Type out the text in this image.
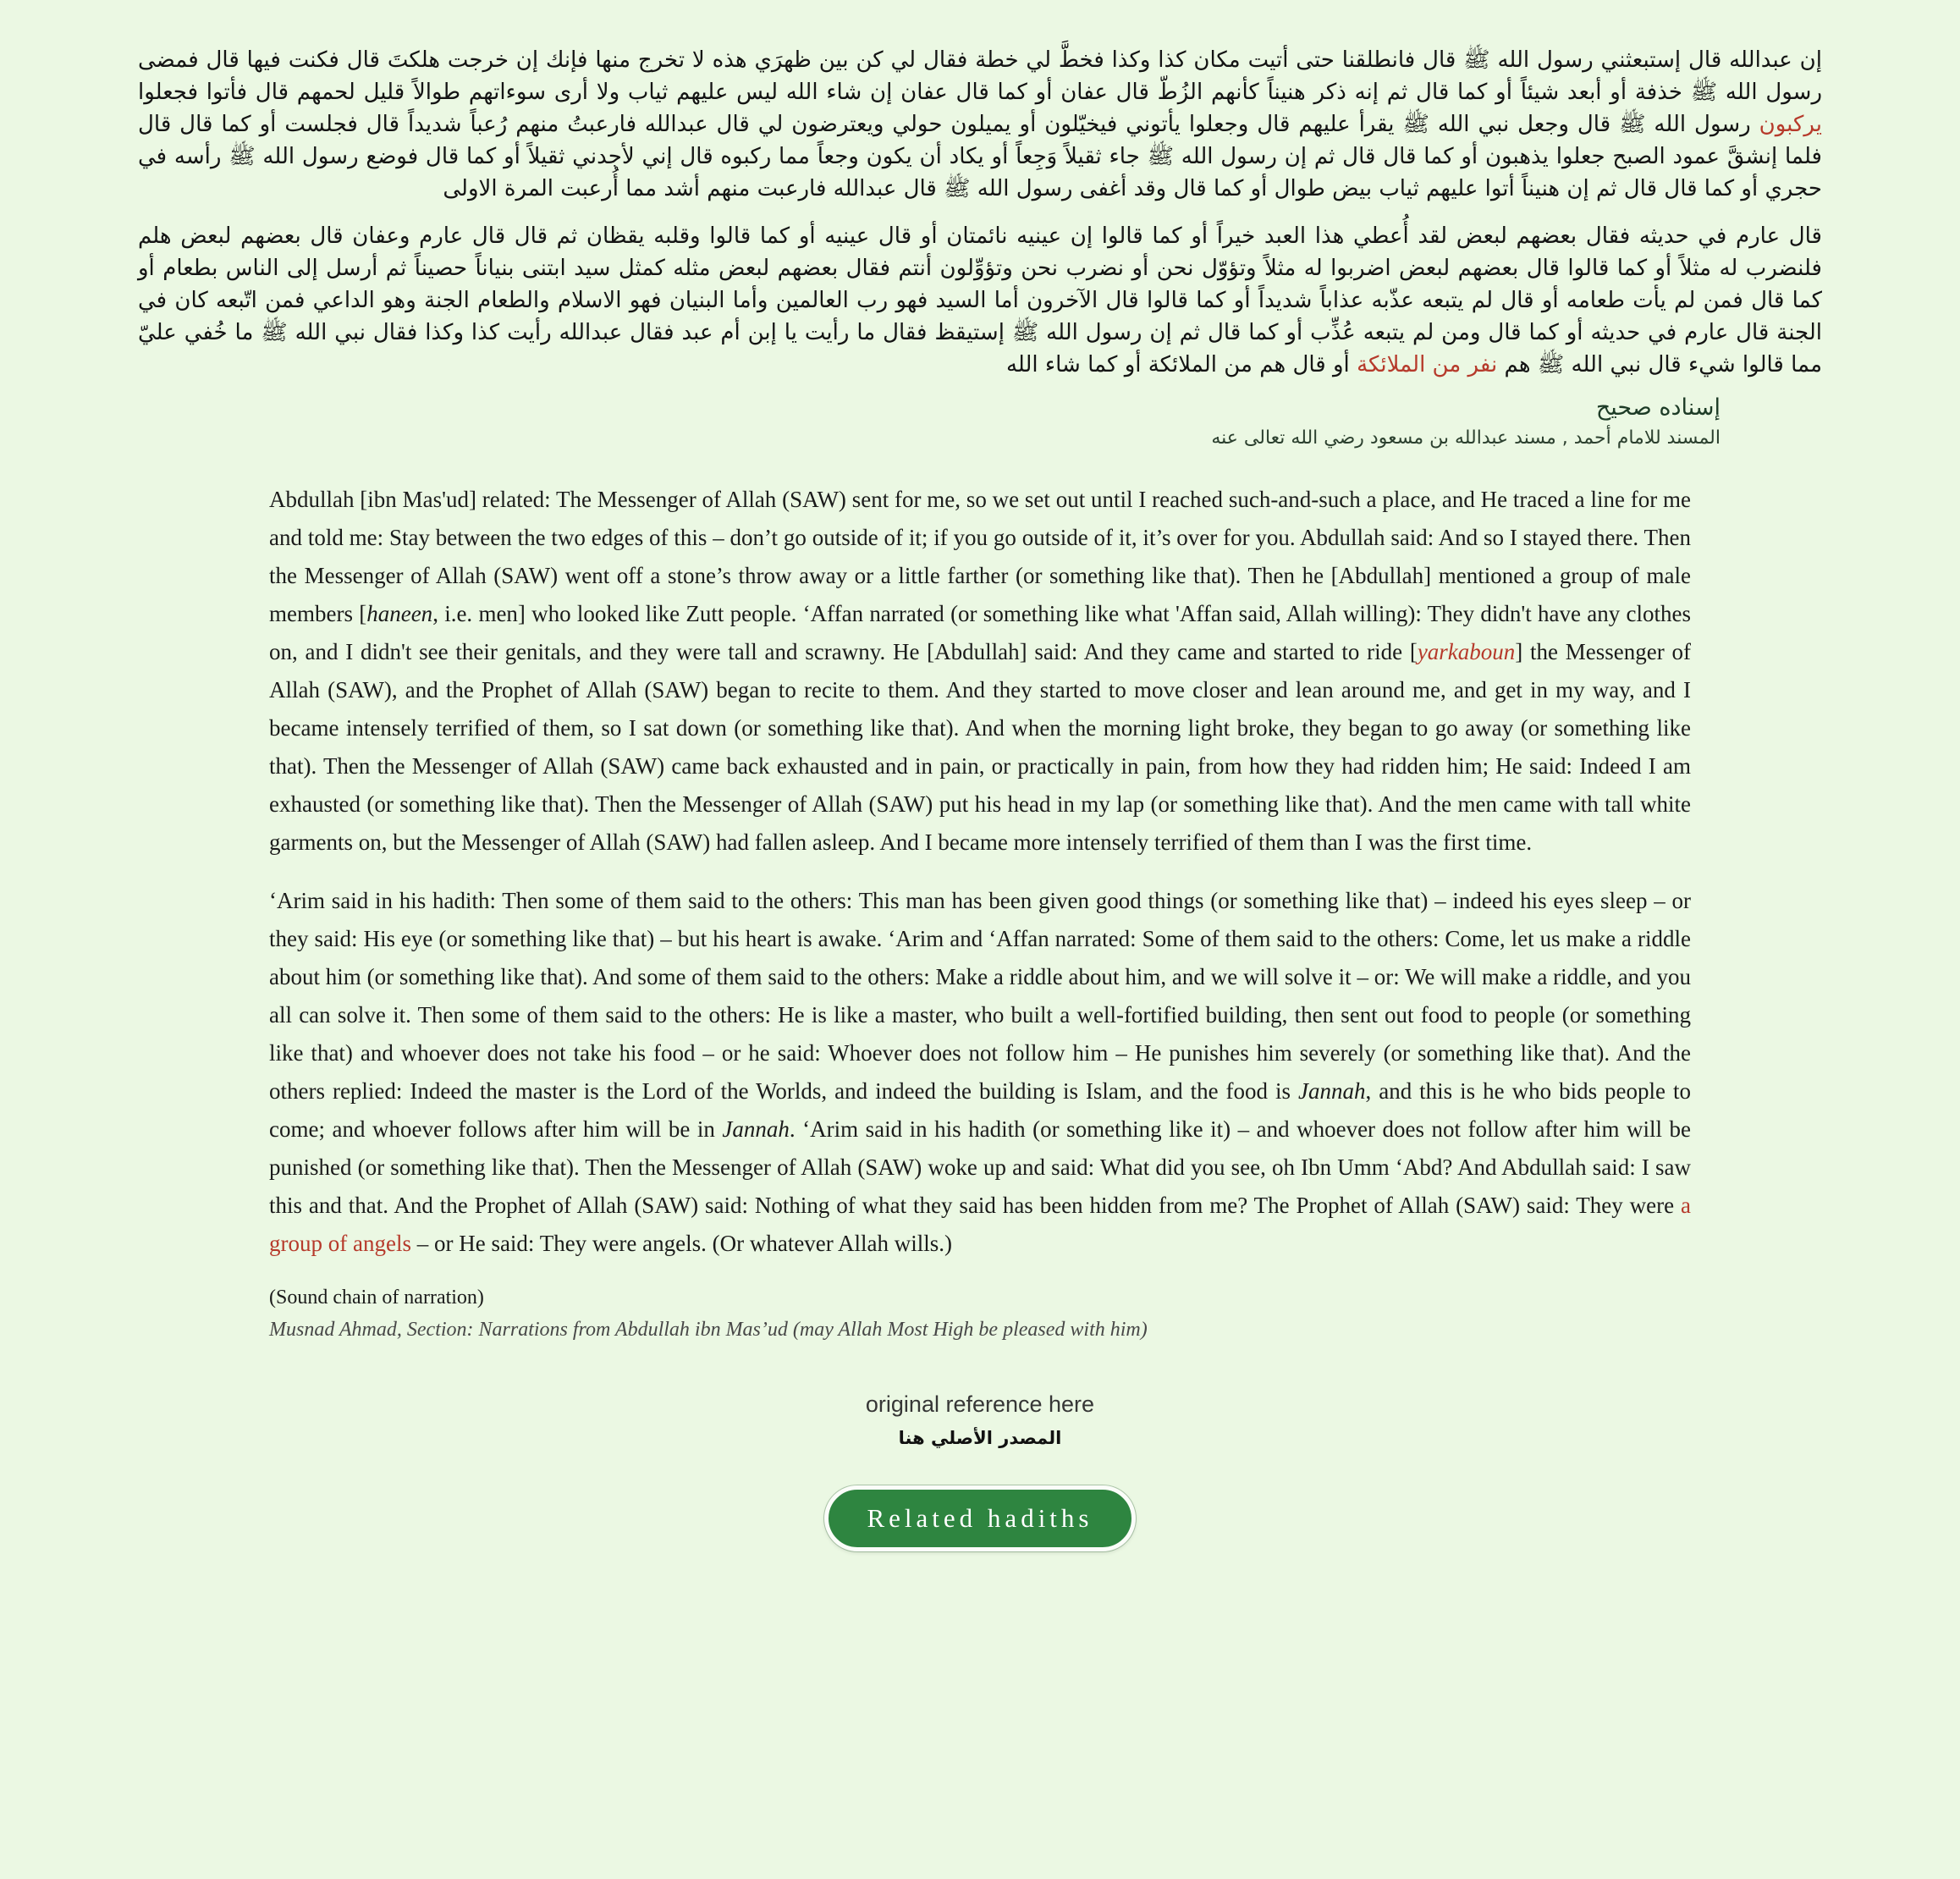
إن عبدالله قال إستبعثني رسول الله ﷺ قال فانطلقنا حتى أتيت مكان كذا وكذا فخطَّ لي خطة فقال لي كن بين ظهرَي هذه لا تخرج منها فإنك إن خرجت هلكتَ قال فكنت فيها قال فمضى رسول الله ﷺ خذفة أو أبعد شيئاً أو كما قال ثم إنه ذكر هنيناً كأنهم الزُطّ قال عفان أو كما قال عفان إن شاء الله ليس عليهم ثياب ولا أرى سوءاتهم طوالاً قليل لحمهم قال فأتوا فجعلوا يركبون رسول الله ﷺ قال وجعل نبي الله ﷺ يقرأ عليهم قال وجعلوا يأتوني فيخيّلون أو يميلون حولي ويعترضون لي قال عبدالله فارعبتُ منهم رُعباً شديداً قال فجلست أو كما قال قال فلما إنشقَّ عمود الصبح جعلوا يذهبون أو كما قال قال ثم إن رسول الله ﷺ جاء ثقيلاً وَجِعاً أو يكاد أن يكون وجعاً مما ركبوه قال إني لأجدني ثقيلاً أو كما قال فوضع رسول الله ﷺ رأسه في حجري أو كما قال قال ثم إن هنيناً أتوا عليهم ثياب بيض طوال أو كما قال وقد أغفى رسول الله ﷺ قال عبدالله فارعبت منهم أشد مما أُرعبت المرة الاولى

قال عارم في حديثه فقال بعضهم لبعض لقد أُعطي هذا العبد خيراً أو كما قالوا إن عينيه نائمتان أو قال عينيه أو كما قالوا وقلبه يقظان ثم قال قال عارم وعفان قال بعضهم لبعض هلم فلنضرب له مثلاً أو كما قالوا قال بعضهم لبعض اضربوا له مثلاً وتؤوّل نحن أو نضرب نحن وتؤوِّلون أنتم فقال بعضهم لبعض مثله كمثل سيد ابتنى بنياناً حصيناً ثم أرسل إلى الناس بطعام أو كما قال فمن لم يأت طعامه أو قال لم يتبعه عذّبه عذاباً شديداً أو كما قالوا قال الآخرون أما السيد فهو رب العالمين وأما البنيان فهو الاسلام والطعام الجنة وهو الداعي فمن اتّبعه كان في الجنة قال عارم في حديثه أو كما قال ومن لم يتبعه عُذِّب أو كما قال ثم إن رسول الله ﷺ إستيقظ فقال ما رأيت يا إبن أم عبد فقال عبدالله رأيت كذا وكذا فقال نبي الله ﷺ ما خُفي عليّ مما قالوا شيء قال نبي الله ﷺ هم نفر من الملائكة أو قال هم من الملائكة أو كما شاء الله

إسناده صحيح
المسند للامام أحمد , مسند عبدالله بن مسعود رضي الله تعالى عنه

Abdullah [ibn Mas'ud] related: The Messenger of Allah (SAW) sent for me, so we set out until I reached such-and-such a place, and He traced a line for me and told me: Stay between the two edges of this – don’t go outside of it; if you go outside of it, it’s over for you. Abdullah said: And so I stayed there. Then the Messenger of Allah (SAW) went off a stone’s throw away or a little farther (or something like that). Then he [Abdullah] mentioned a group of male members [haneen, i.e. men] who looked like Zutt people. ‘Affan narrated (or something like what 'Affan said, Allah willing): They didn't have any clothes on, and I didn't see their genitals, and they were tall and scrawny. He [Abdullah] said: And they came and started to ride [yarkaboun] the Messenger of Allah (SAW), and the Prophet of Allah (SAW) began to recite to them. And they started to move closer and lean around me, and get in my way, and I became intensely terrified of them, so I sat down (or something like that). And when the morning light broke, they began to go away (or something like that). Then the Messenger of Allah (SAW) came back exhausted and in pain, or practically in pain, from how they had ridden him; He said: Indeed I am exhausted (or something like that). Then the Messenger of Allah (SAW) put his head in my lap (or something like that). And the men came with tall white garments on, but the Messenger of Allah (SAW) had fallen asleep. And I became more intensely terrified of them than I was the first time.

‘Arim said in his hadith: Then some of them said to the others: This man has been given good things (or something like that) – indeed his eyes sleep – or they said: His eye (or something like that) – but his heart is awake. ‘Arim and ‘Affan narrated: Some of them said to the others: Come, let us make a riddle about him (or something like that). And some of them said to the others: Make a riddle about him, and we will solve it – or: We will make a riddle, and you all can solve it. Then some of them said to the others: He is like a master, who built a well-fortified building, then sent out food to people (or something like that) and whoever does not take his food – or he said: Whoever does not follow him – He punishes him severely (or something like that). And the others replied: Indeed the master is the Lord of the Worlds, and indeed the building is Islam, and the food is Jannah, and this is he who bids people to come; and whoever follows after him will be in Jannah. ‘Arim said in his hadith (or something like it) – and whoever does not follow after him will be punished (or something like that). Then the Messenger of Allah (SAW) woke up and said: What did you see, oh Ibn Umm ‘Abd? And Abdullah said: I saw this and that. And the Prophet of Allah (SAW) said: Nothing of what they said has been hidden from me? The Prophet of Allah (SAW) said: They were a group of angels – or He said: They were angels. (Or whatever Allah wills.)

(Sound chain of narration)
Musnad Ahmad, Section: Narrations from Abdullah ibn Mas’ud (may Allah Most High be pleased with him)
original reference here
المصدر الأصلي هنا
Related hadiths
